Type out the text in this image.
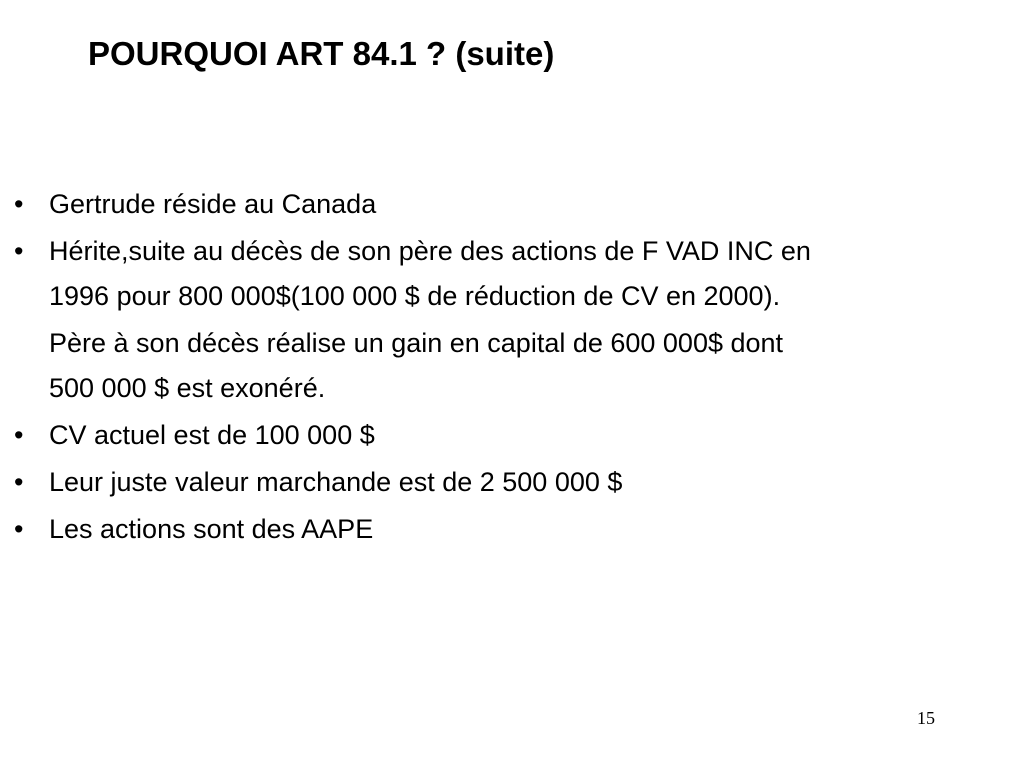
POURQUOI ART 84.1 ? (suite)
• Gertrude réside au Canada
• Hérite,suite au décès de son père des actions de F VAD INC en
1996 pour 800 000$(100 000 $ de réduction de CV en 2000).
Père à son décès réalise un gain en capital de 600 000$ dont
500 000 $ est exonéré.
• CV actuel est de 100 000 $
• Leur juste valeur marchande est de 2 500 000 $
• Les actions sont des AAPE
15
